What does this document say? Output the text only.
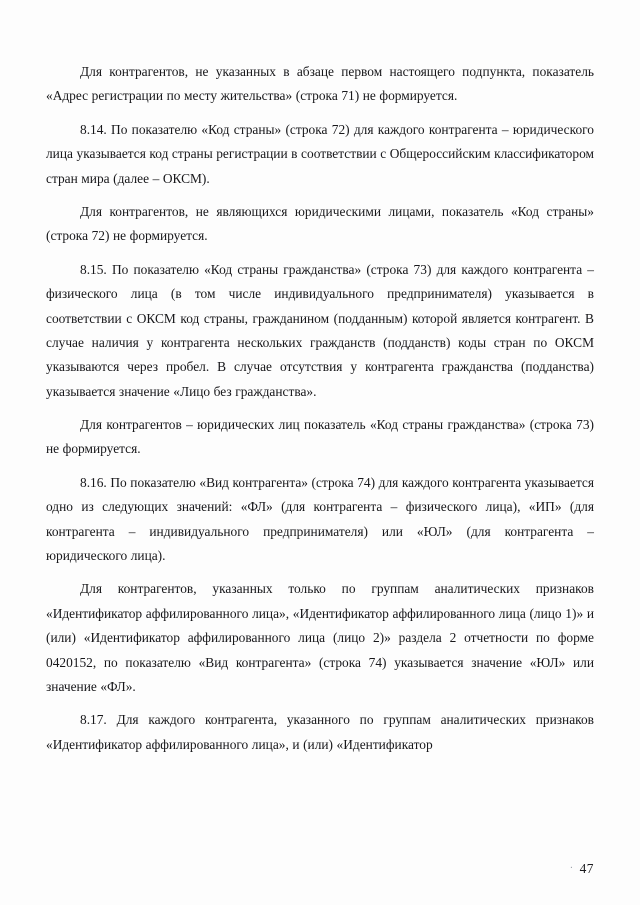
Для контрагентов, не указанных в абзаце первом настоящего подпункта, показатель «Адрес регистрации по месту жительства» (строка 71) не формируется.

8.14. По показателю «Код страны» (строка 72) для каждого контрагента – юридического лица указывается код страны регистрации в соответствии с Общероссийским классификатором стран мира (далее – ОКСМ).

Для контрагентов, не являющихся юридическими лицами, показатель «Код страны» (строка 72) не формируется.

8.15. По показателю «Код страны гражданства» (строка 73) для каждого контрагента – физического лица (в том числе индивидуального предпринимателя) указывается в соответствии с ОКСМ код страны, гражданином (подданным) которой является контрагент. В случае наличия у контрагента нескольких гражданств (подданств) коды стран по ОКСМ указываются через пробел. В случае отсутствия у контрагента гражданства (подданства) указывается значение «Лицо без гражданства».

Для контрагентов – юридических лиц показатель «Код страны гражданства» (строка 73) не формируется.

8.16. По показателю «Вид контрагента» (строка 74) для каждого контрагента указывается одно из следующих значений: «ФЛ» (для контрагента – физического лица), «ИП» (для контрагента – индивидуального предпринимателя) или «ЮЛ» (для контрагента – юридического лица).

Для контрагентов, указанных только по группам аналитических признаков «Идентификатор аффилированного лица», «Идентификатор аффилированного лица (лицо 1)» и (или) «Идентификатор аффилированного лица (лицо 2)» раздела 2 отчетности по форме 0420152, по показателю «Вид контрагента» (строка 74) указывается значение «ЮЛ» или значение «ФЛ».

8.17. Для каждого контрагента, указанного по группам аналитических признаков «Идентификатор аффилированного лица», и (или) «Идентификатор

· 47
